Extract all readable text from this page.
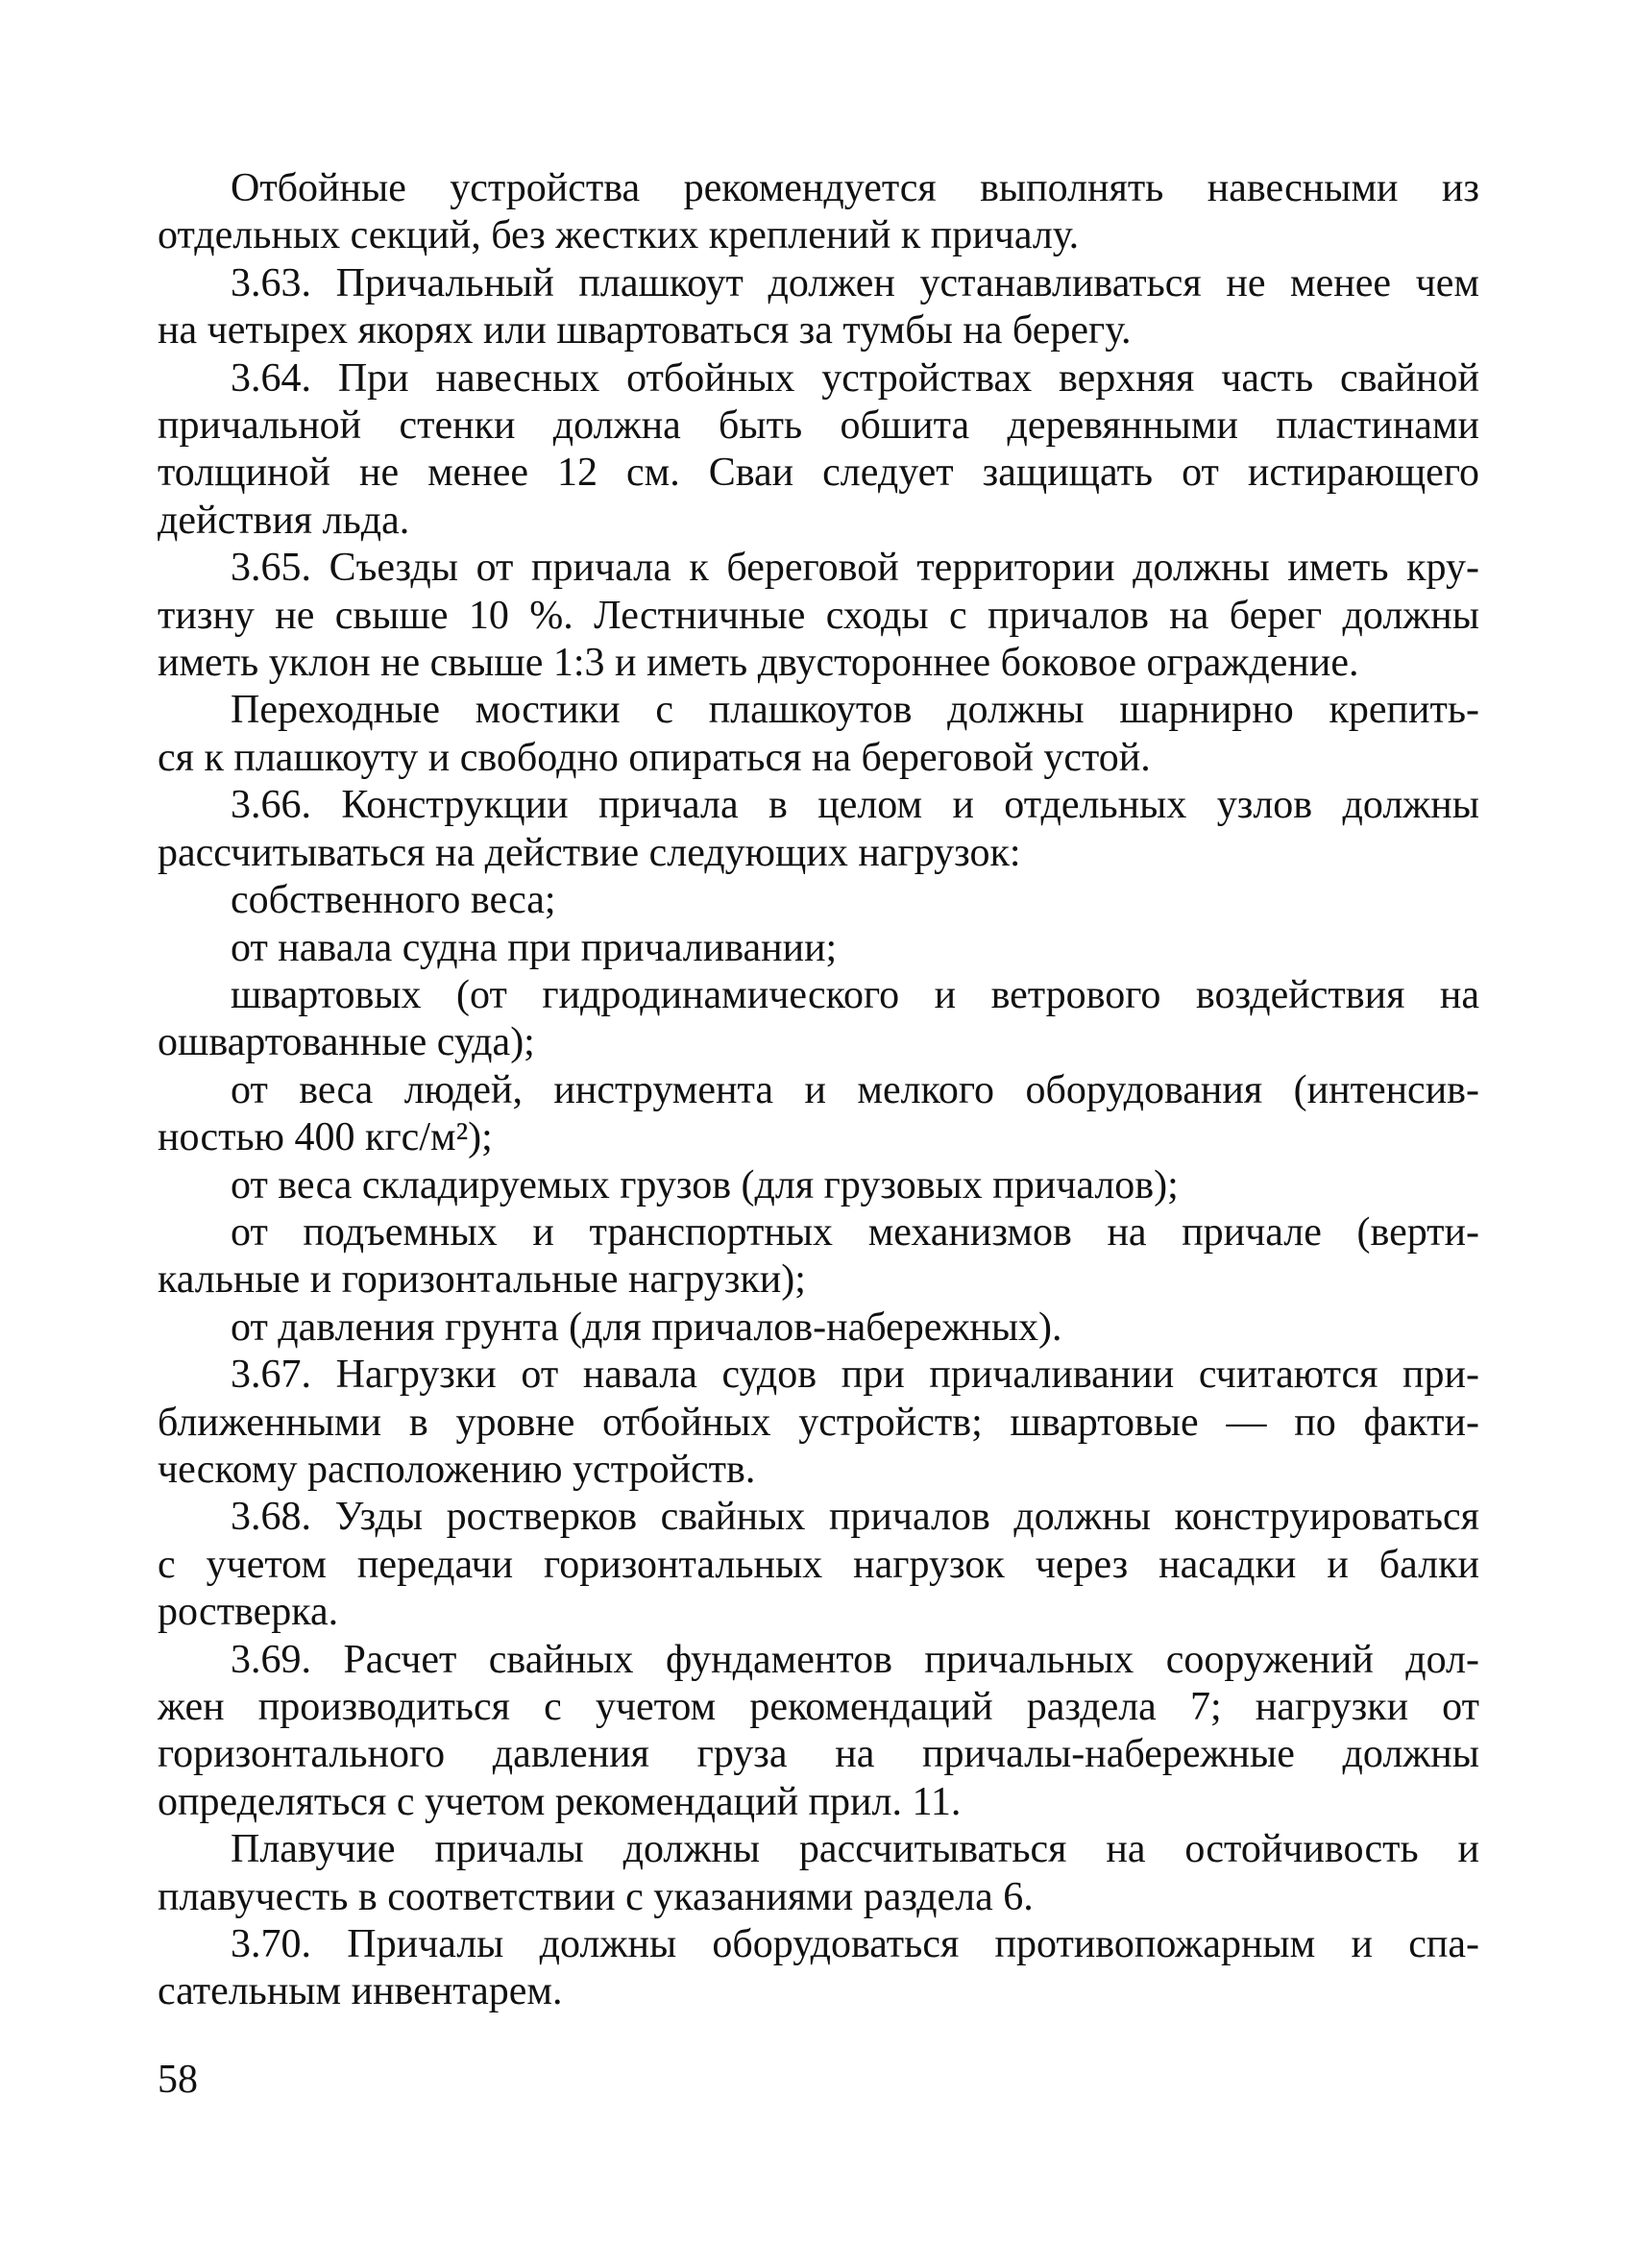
Отбойные устройства рекомендуется выполнять навесными из
отдельных секций, без жестких креплений к причалу.
3.63. Причальный плашкоут должен устанавливаться не менее чем
на четырех якорях или швартоваться за тумбы на берегу.
3.64. При навесных отбойных устройствах верхняя часть свайной
причальной стенки должна быть обшита деревянными пластинами
толщиной не менее 12 см. Сваи следует защищать от истирающего
действия льда.
3.65. Съезды от причала к береговой территории должны иметь кру-
тизну не свыше 10 %. Лестничные сходы с причалов на берег должны
иметь уклон не свыше 1:3 и иметь двустороннее боковое ограждение.
Переходные мостики с плашкоутов должны шарнирно крепить-
ся к плашкоуту и свободно опираться на береговой устой.
3.66. Конструкции причала в целом и отдельных узлов должны
рассчитываться на действие следующих нагрузок:
собственного веса;
от навала судна при причаливании;
швартовых (от гидродинамического и ветрового воздействия на
ошвартованные суда);
от веса людей, инструмента и мелкого оборудования (интенсив-
ностью 400 кгс/м²);
от веса складируемых грузов (для грузовых причалов);
от подъемных и транспортных механизмов на причале (верти-
кальные и горизонтальные нагрузки);
от давления грунта (для причалов-набережных).
3.67. Нагрузки от навала судов при причаливании считаются при-
ближенными в уровне отбойных устройств; швартовые — по факти-
ческому расположению устройств.
3.68. Узды ростверков свайных причалов должны конструироваться
с учетом передачи горизонтальных нагрузок через насадки и балки
ростверка.
3.69. Расчет свайных фундаментов причальных сооружений дол-
жен производиться с учетом рекомендаций раздела 7; нагрузки от
горизонтального давления груза на причалы-набережные должны
определяться с учетом рекомендаций прил. 11.
Плавучие причалы должны рассчитываться на остойчивость и
плавучесть в соответствии с указаниями раздела 6.
3.70. Причалы должны оборудоваться противопожарным и спа-
сательным инвентарем.
58
